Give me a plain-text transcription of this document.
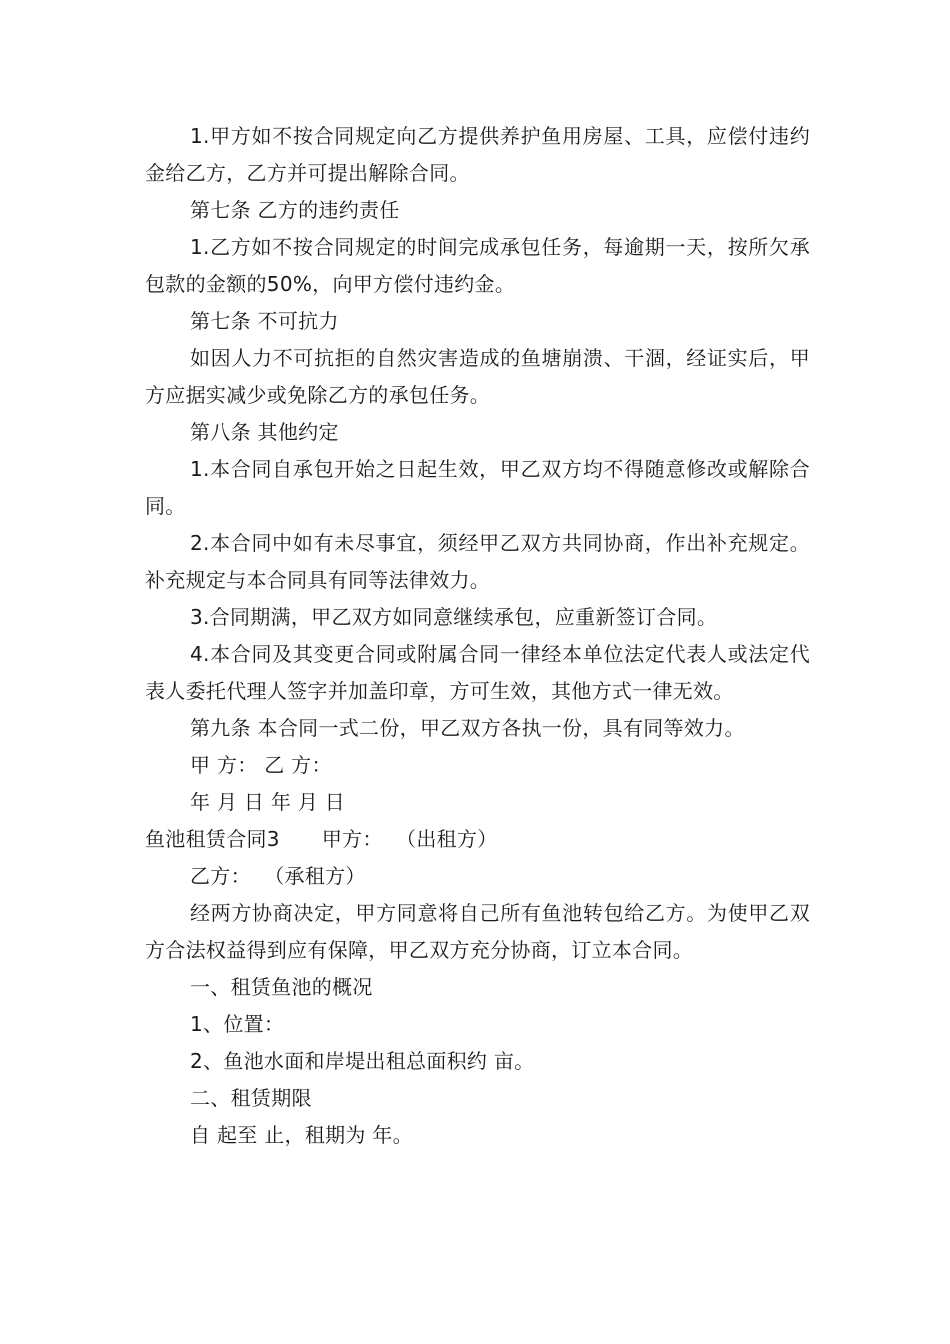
1.甲方如不按合同规定向乙方提供养护鱼用房屋、工具，应偿付违约金给乙方，乙方并可提出解除合同。

第七条 乙方的违约责任

1.乙方如不按合同规定的时间完成承包任务，每逾期一天，按所欠承包款的金额的50%，向甲方偿付违约金。

第七条 不可抗力

如因人力不可抗拒的自然灾害造成的鱼塘崩溃、干涸，经证实后，甲方应据实减少或免除乙方的承包任务。

第八条 其他约定

1.本合同自承包开始之日起生效，甲乙双方均不得随意修改或解除合同。

2.本合同中如有未尽事宜，须经甲乙双方共同协商，作出补充规定。补充规定与本合同具有同等法律效力。

3.合同期满，甲乙双方如同意继续承包，应重新签订合同。

4.本合同及其变更合同或附属合同一律经本单位法定代表人或法定代表人委托代理人签字并加盖印章，方可生效，其他方式一律无效。

第九条 本合同一式二份，甲乙双方各执一份，具有同等效力。

甲 方： 乙 方：

年 月 日 年 月 日

鱼池租赁合同3 甲方：  （出租方）

乙方：  （承租方）

经两方协商决定，甲方同意将自己所有鱼池转包给乙方。为使甲乙双方合法权益得到应有保障，甲乙双方充分协商，订立本合同。

一、租赁鱼池的概况

1、位置：

2、鱼池水面和岸堤出租总面积约 亩。

二、租赁期限

自 起至 止，租期为 年。
